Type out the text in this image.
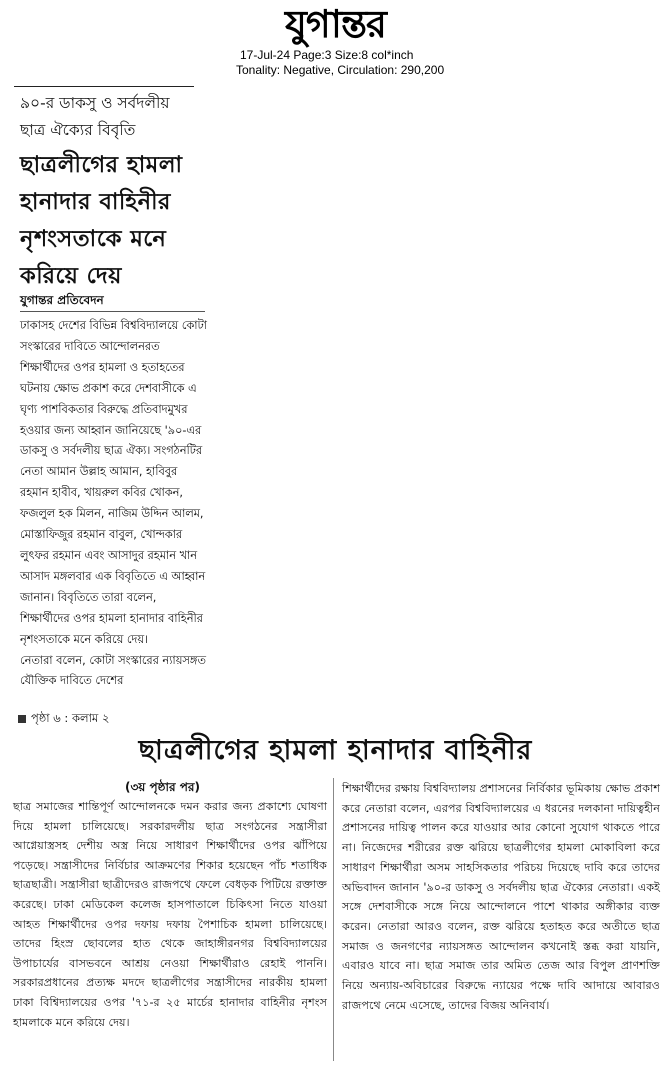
যুগান্তর
17-Jul-24 Page:3 Size:8 col*inch
Tonality: Negative, Circulation: 290,200
৯০-র ডাকসু ও সর্বদলীয়
ছাত্র ঐক্যের বিবৃতি
ছাত্রলীগের হামলা
হানাদার বাহিনীর
নৃশংসতাকে মনে
করিয়ে দেয়
যুগান্তর প্রতিবেদন

ঢাকাসহ দেশের বিভিন্ন বিশ্ববিদ্যালয়ে কোটা সংস্কারের দাবিতে আন্দোলনরত শিক্ষার্থীদের ওপর হামলা ও হতাহতের ঘটনায় ক্ষোভ প্রকাশ করে দেশবাসীকে এ ঘৃণ্য পাশবিকতার বিরুদ্ধে প্রতিবাদমুখর হওয়ার জন্য আহ্বান জানিয়েছে '৯০-এর ডাকসু ও সর্বদলীয় ছাত্র ঐক্য। সংগঠনটির নেতা আমান উল্লাহ আমান, হাবিবুর রহমান হাবীব, খায়রুল কবির খোকন, ফজলুল হক মিলন, নাজিম উদ্দিন আলম, মোস্তাফিজুর রহমান বাবুল, খোন্দকার লুৎফর রহমান এবং আসাদুর রহমান খান আসাদ মঙ্গলবার এক বিবৃতিতে এ আহ্বান জানান। বিবৃতিতে তারা বলেন, শিক্ষার্থীদের ওপর হামলা হানাদার বাহিনীর নৃশংসতাকে মনে করিয়ে দেয়।

নেতারা বলেন, কোটা সংস্কারের ন্যায়সঙ্গত যৌক্তিক দাবিতে দেশের

পৃষ্ঠা ৬ : কলাম ২
ছাত্রলীগের হামলা হানাদার বাহিনীর
(৩য় পৃষ্ঠার পর)

ছাত্র সমাজের শান্তিপূর্ণ আন্দোলনকে দমন করার জন্য প্রকাশ্যে ঘোষণা দিয়ে হামলা চালিয়েছে। সরকারদলীয় ছাত্র সংগঠনের সন্ত্রাসীরা আগ্নেয়াস্ত্রসহ দেশীয় অস্ত্র নিয়ে সাধারণ শিক্ষার্থীদের ওপর ঝাঁপিয়ে পড়েছে। সন্ত্রাসীদের নির্বিচার আক্রমণের শিকার হয়েছেন পাঁচ শতাধিক ছাত্রছাত্রী। সন্ত্রাসীরা ছাত্রীদেরও রাজপথে ফেলে বেধড়ক পিটিয়ে রক্তাক্ত করেছে। ঢাকা মেডিকেল কলেজ হাসপাতালে চিকিৎসা নিতে যাওয়া আহত শিক্ষার্থীদের ওপর দফায় দফায় পৈশাচিক হামলা চালিয়েছে। তাদের হিংস্র ছোবলের হাত থেকে জাহাঙ্গীরনগর বিশ্ববিদ্যালয়ের উপাচার্যের বাসভবনে আশ্রয় নেওয়া শিক্ষার্থীরাও রেহাই পাননি। সরকারপ্রধানের প্রত্যক্ষ মদদে ছাত্রলীগের সন্ত্রাসীদের নারকীয় হামলা ঢাকা বিশ্বিদ্যালয়ের ওপর '৭১-র ২৫ মার্চের হানাদার বাহিনীর নৃশংস হামলাকে মনে করিয়ে দেয়।

শিক্ষার্থীদের রক্ষায় বিশ্ববিদ্যালয় প্রশাসনের নির্বিকার ভূমিকায় ক্ষোভ প্রকাশ করে নেতারা বলেন, এরপর বিশ্ববিদ্যালয়ের এ ধরনের দলকানা দায়িত্বহীন প্রশাসনের দায়িত্ব পালন করে যাওয়ার আর কোনো সুযোগ থাকতে পারে না। নিজেদের শরীরের রক্ত ঝরিয়ে ছাত্রলীগের হামলা মোকাবিলা করে সাধারণ শিক্ষার্থীরা অসম সাহসিকতার পরিচয় দিয়েছে দাবি করে তাদের অভিবাদন জানান '৯০-র ডাকসু ও সর্বদলীয় ছাত্র ঐক্যের নেতারা। একই সঙ্গে দেশবাসীকে সঙ্গে নিয়ে আন্দোলনে পাশে থাকার অঙ্গীকার ব্যক্ত করেন। নেতারা আরও বলেন, রক্ত ঝরিয়ে হতাহত করে অতীতে ছাত্র সমাজ ও জনগণের ন্যায়সঙ্গত আন্দোলন কখনোই স্তব্ধ করা যায়নি, এবারও যাবে না। ছাত্র সমাজ তার অমিত তেজ আর বিপুল প্রাণশক্তি নিয়ে অন্যায়-অবিচারের বিরুদ্ধে ন্যায়ের পক্ষে দাবি আদায়ে আবারও রাজপথে নেমে এসেছে, তাদের বিজয় অনিবার্য।
